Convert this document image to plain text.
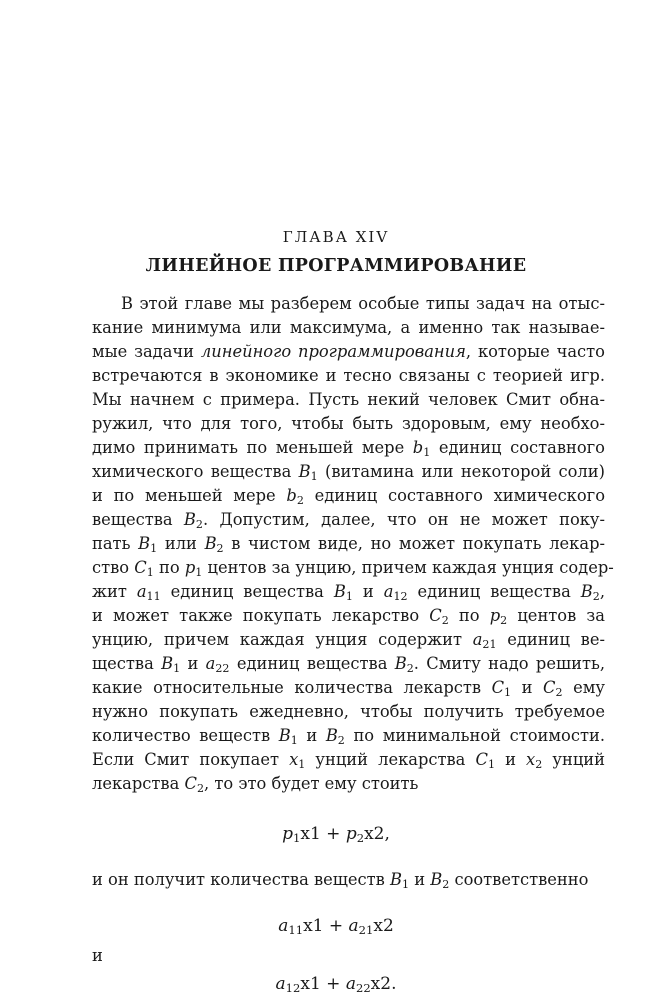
ГЛАВА XIV
ЛИНЕЙНОЕ ПРОГРАММИРОВАНИЕ
В этой главе мы разберем особые типы задач на отыс-
кание минимума или максимума, а именно так называе-
мые задачи линейного программирования, которые часто
встречаются в экономике и тесно связаны с теорией игр.
Мы начнем с примера. Пусть некий человек Смит обна-
ружил, что для того, чтобы быть здоровым, ему необхо-
димо принимать по меньшей мере $b_1$ единиц составного
химического вещества $B_1$ (витамина или некоторой соли)
и по меньшей мере $b_2$ единиц составного химического
вещества $B_2$. Допустим, далее, что он не может поку-
пать $B_1$ или $B_2$ в чистом виде, но может покупать лекар-
ство $C_1$ по $p_1$ центов за унцию, причем каждая унция содер-
жит $a_{11}$ единиц вещества $B_1$ и $a_{12}$ единиц вещества $B_2$,
и может также покупать лекарство $C_2$ по $p_2$ центов за
унцию, причем каждая унция содержит $a_{21}$ единиц ве-
щества $B_1$ и $a_{22}$ единиц вещества $B_2$. Смиту надо решить,
какие относительные количества лекарств $C_1$ и $C_2$ ему
нужно покупать ежедневно, чтобы получить требуемое
количество веществ $B_1$ и $B_2$ по минимальной стоимости.
Если Смит покупает $x_1$ унций лекарства $C_1$ и $x_2$ унций
лекарства $C_2$, то это будет ему стоить
$p_1x1 + p_2x2$,
и он получит количества веществ $B_1$ и $B_2$ соответственно
$a_{11}x1 + a_{21}x2$
и
$a_{12}x1 + a_{22}x2$.
